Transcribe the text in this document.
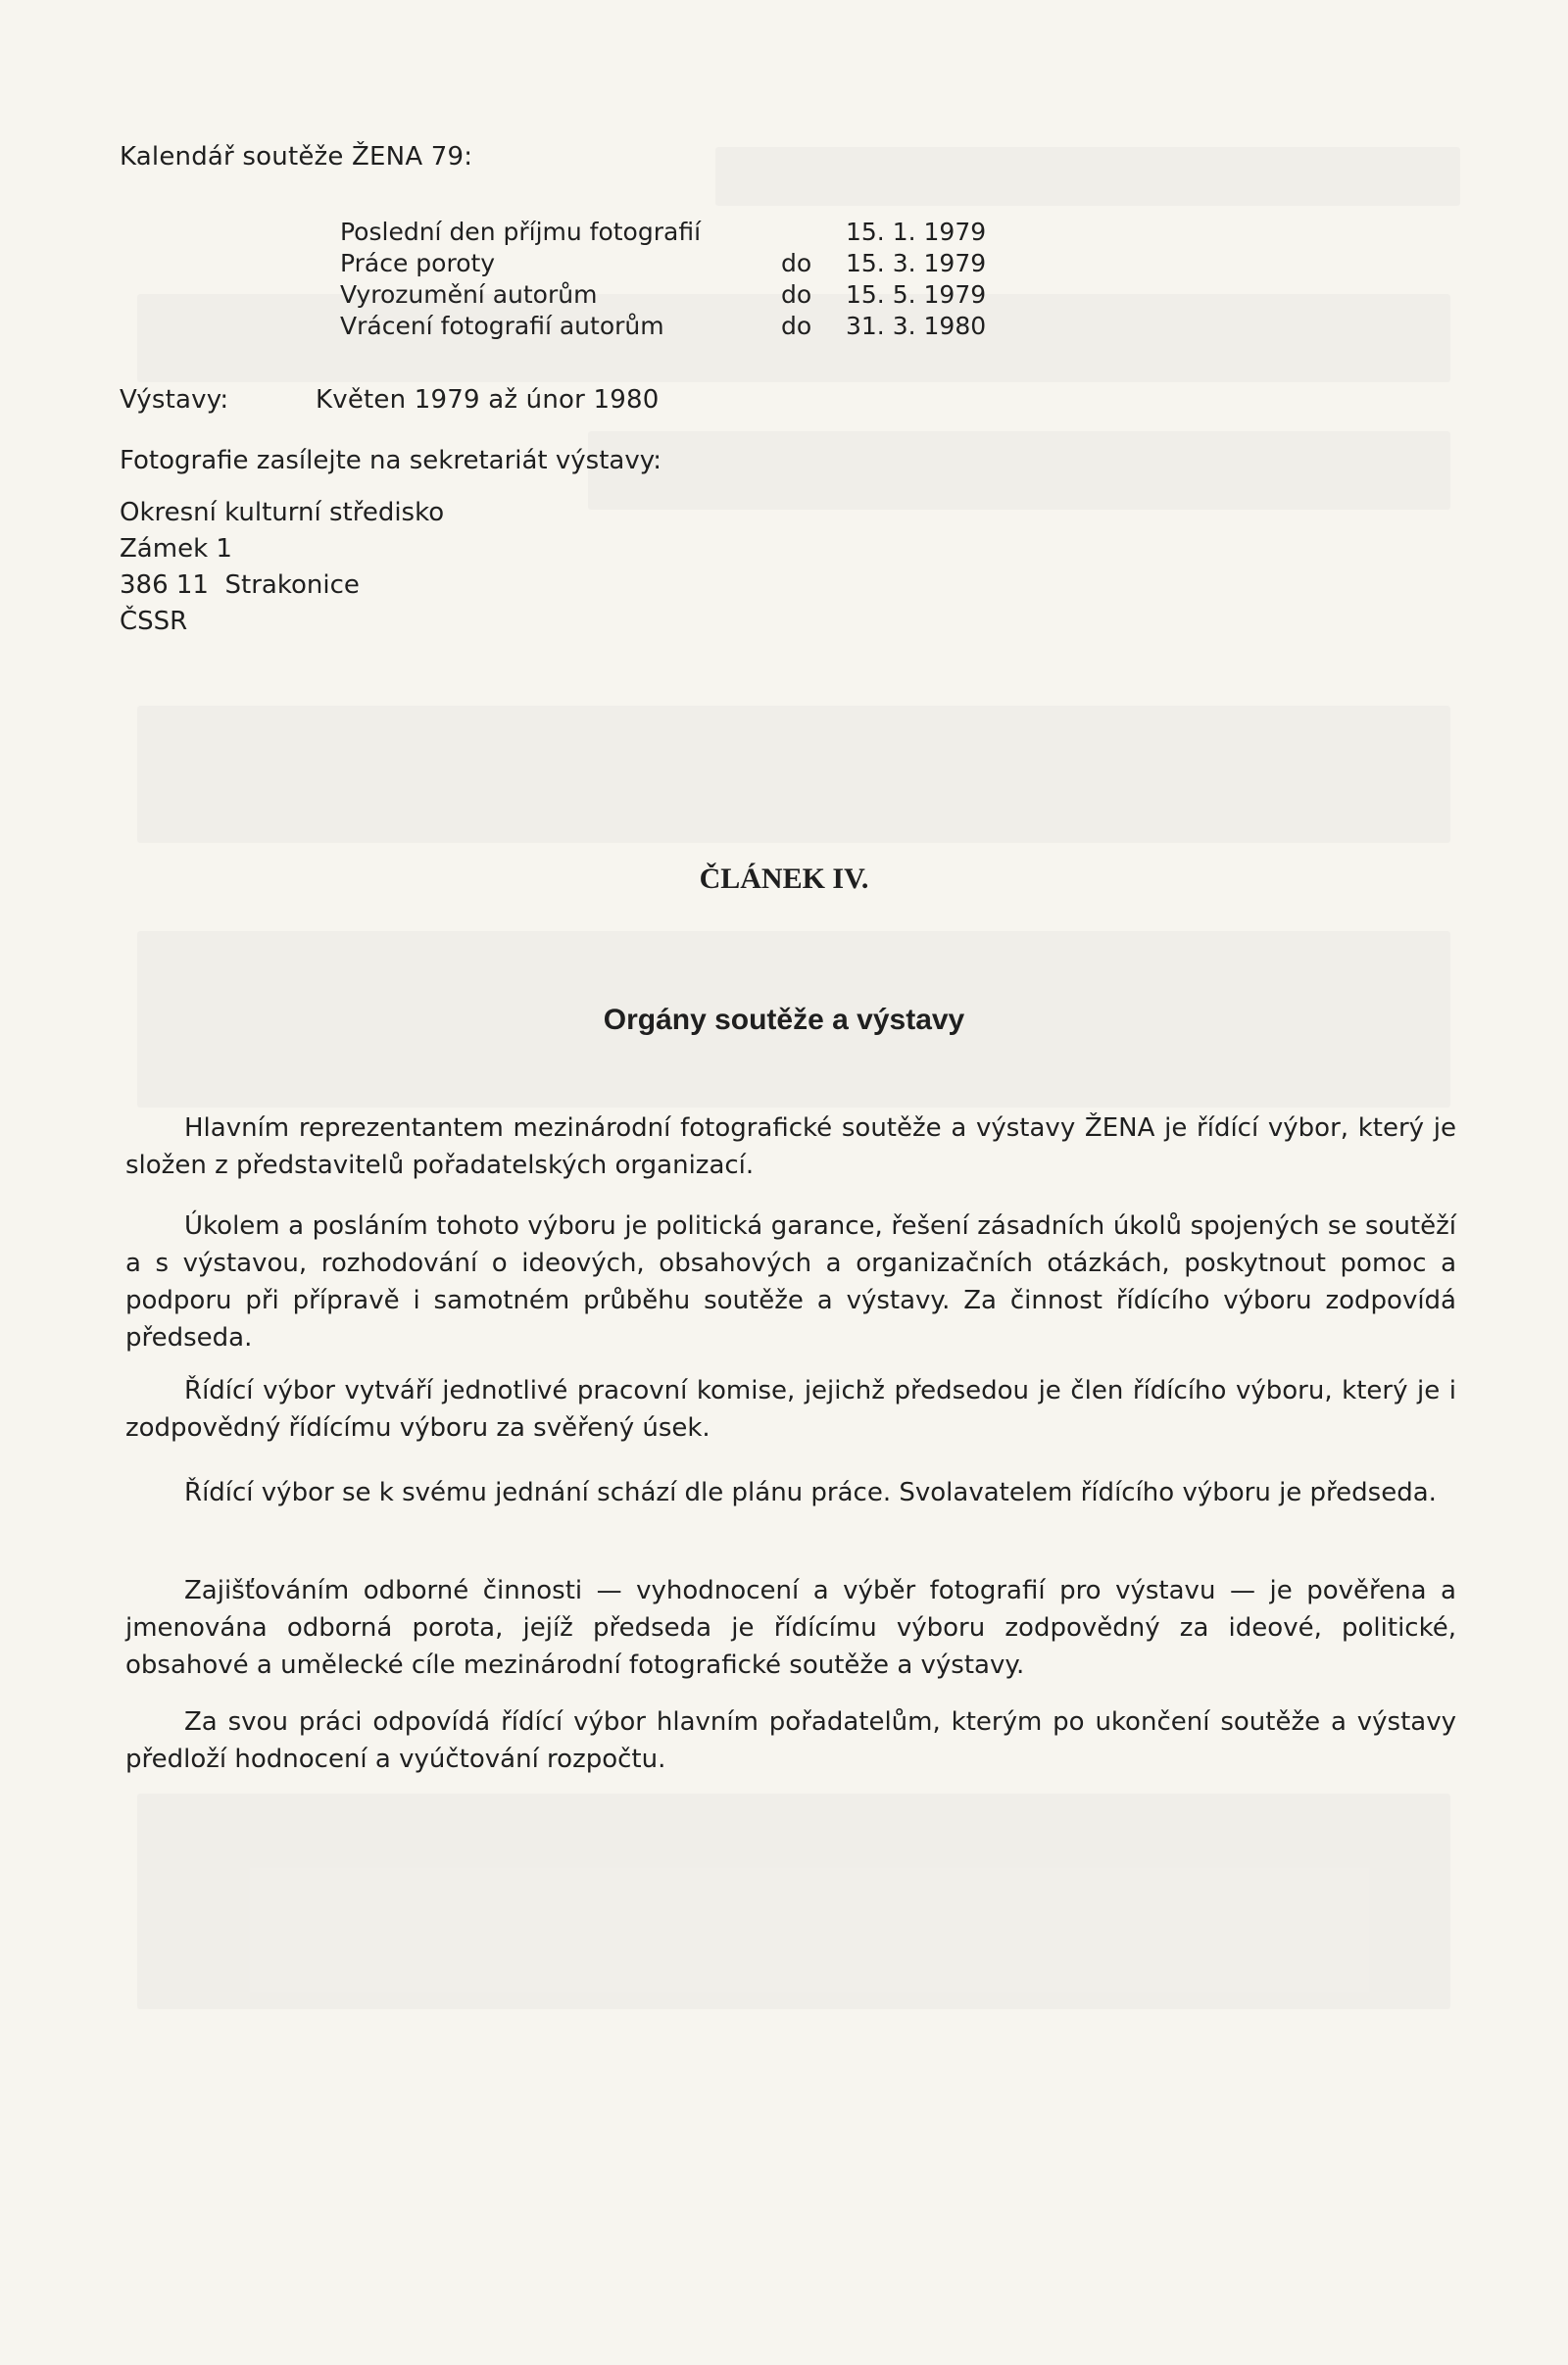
Kalendář soutěže ŽENA 79:
Poslední den příjmu fotografií	15. 1. 1979
Práce poroty	do 15. 3. 1979
Vyrozumění autorům	do 15. 5. 1979
Vrácení fotografií autorům	do 31. 3. 1980
Výstavy:	Květen 1979 až únor 1980
Fotografie zasílejte na sekretariát výstavy:
Okresní kulturní středisko
Zámek 1
386 11  Strakonice
ČSSR
ČLÁNEK IV.
Orgány soutěže a výstavy
Hlavním reprezentantem mezinárodní fotografické soutěže a výstavy ŽENA je řídící výbor, který je složen z představitelů pořadatelských organizací.
Úkolem a posláním tohoto výboru je politická garance, řešení zásadních úkolů spojených se soutěží a s výstavou, rozhodování o ideových, obsahových a organizačních otázkách, poskytnout pomoc a podporu při přípravě i samotném průběhu soutěže a výstavy. Za činnost řídícího výboru zodpovídá předseda.
Řídící výbor vytváří jednotlivé pracovní komise, jejichž předsedou je člen řídícího výboru, který je i zodpovědný řídícímu výboru za svěřený úsek.
Řídící výbor se k svému jednání schází dle plánu práce. Svolavatelem řídícího výboru je předseda.
Zajišťováním odborné činnosti — vyhodnocení a výběr fotografií pro výstavu — je pověřena a jmenována odborná porota, jejíž předseda je řídícímu výboru zodpovědný za ideové, politické, obsahové a umělecké cíle mezinárodní fotografické soutěže a výstavy.
Za svou práci odpovídá řídící výbor hlavním pořadatelům, kterým po ukončení soutěže a výstavy předloží hodnocení a vyúčtování rozpočtu.
